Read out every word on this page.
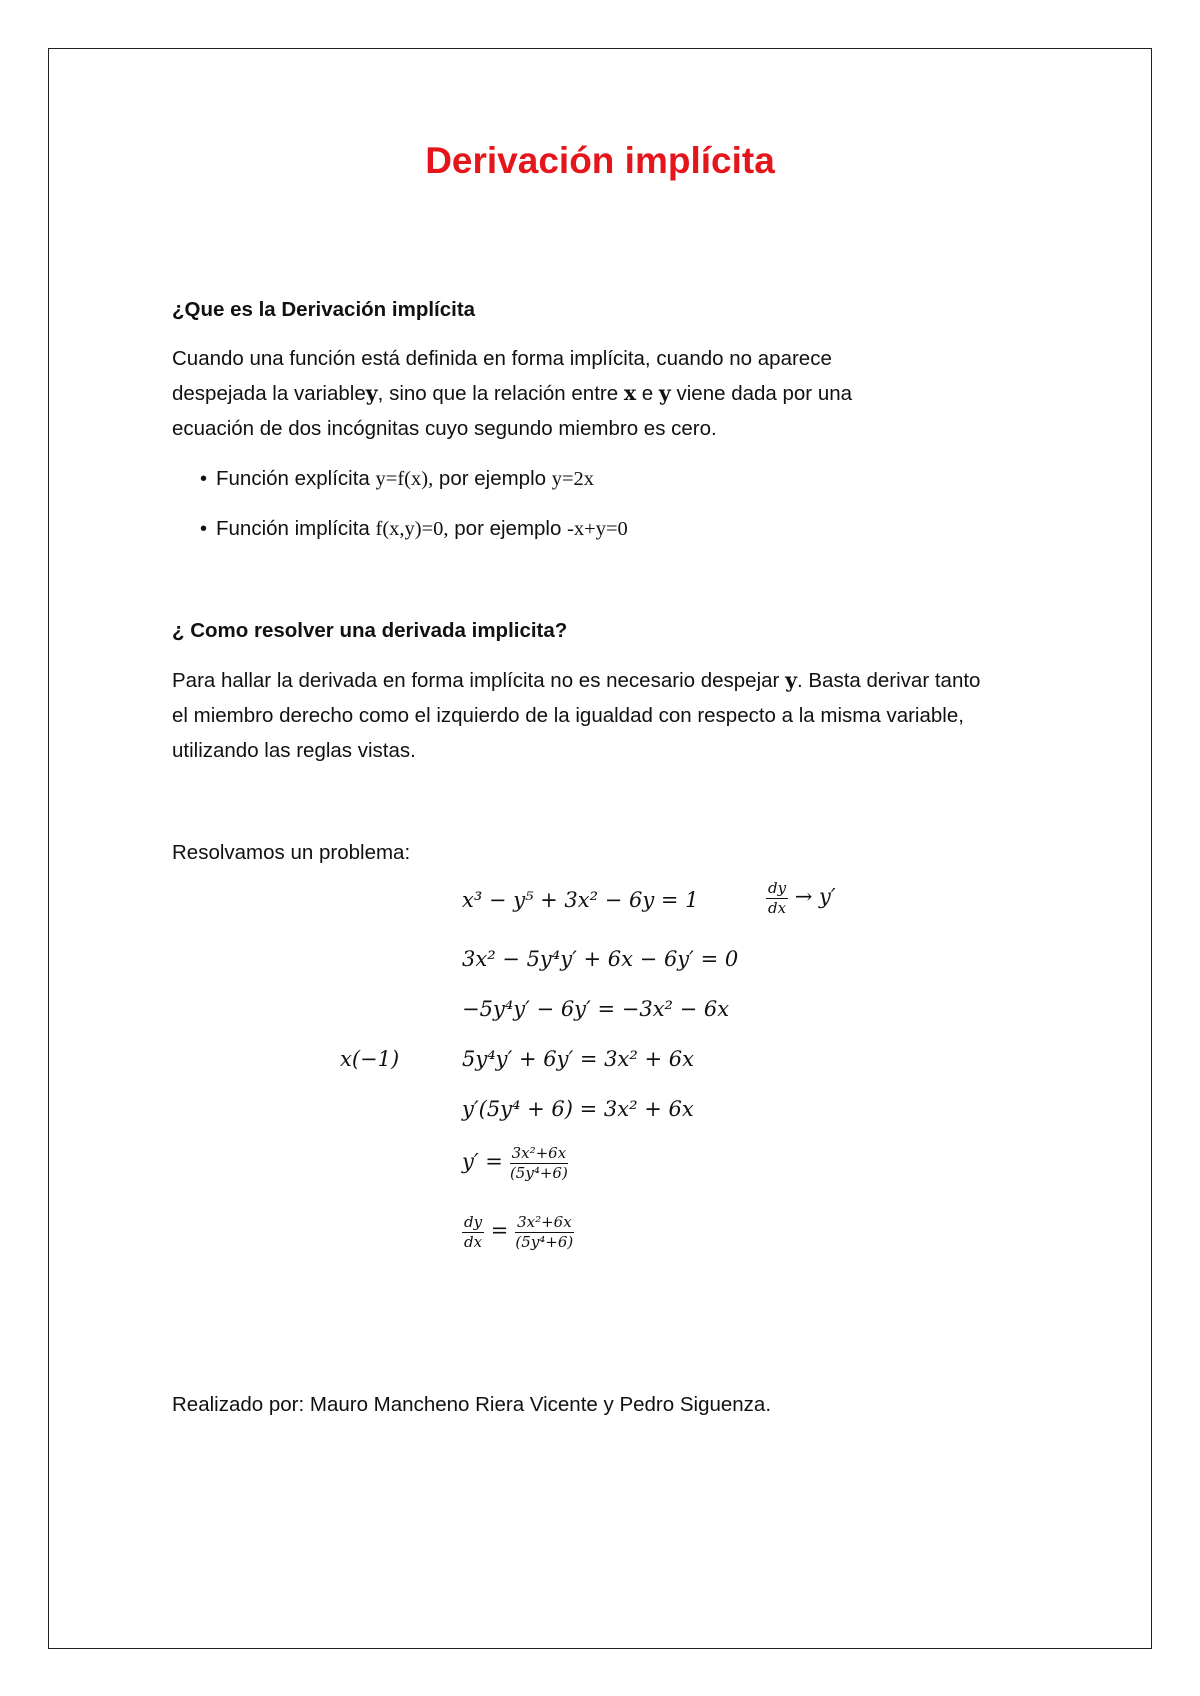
Derivación implícita
¿Que es la Derivación implícita
Cuando una función está definida en forma implícita, cuando no aparece
despejada la variabley, sino que la relación entre x e y viene dada por una
ecuación de dos incógnitas cuyo segundo miembro es cero.
• Función explícita y=f(x), por ejemplo y=2x
• Función implícita f(x,y)=0, por ejemplo -x+y=0
¿ Como resolver una derivada implicita?
Para hallar la derivada en forma implícita no es necesario despejar y. Basta derivar tanto
el miembro derecho como el izquierdo de la igualdad con respecto a la misma variable,
utilizando las reglas vistas.
Resolvamos un problema:
x³ − y⁵ + 3x² − 6y = 1	$\frac{dy}{dx} \to y'$
3x² − 5y⁴y′ + 6x − 6y′ = 0
−5y⁴y′ − 6y′ = −3x² − 6x
x(−1)	5y⁴y′ + 6y′ = 3x² + 6x
y′(5y⁴ + 6) = 3x² + 6x
$y' = \frac{\text{3x²+6x}}{\text{(5y⁴+6)}}$
$\frac{dy}{dx} = \frac{\text{3x²+6x}}{\text{(5y⁴+6)}}$
Realizado por: Mauro Mancheno Riera Vicente y Pedro Siguenza.
